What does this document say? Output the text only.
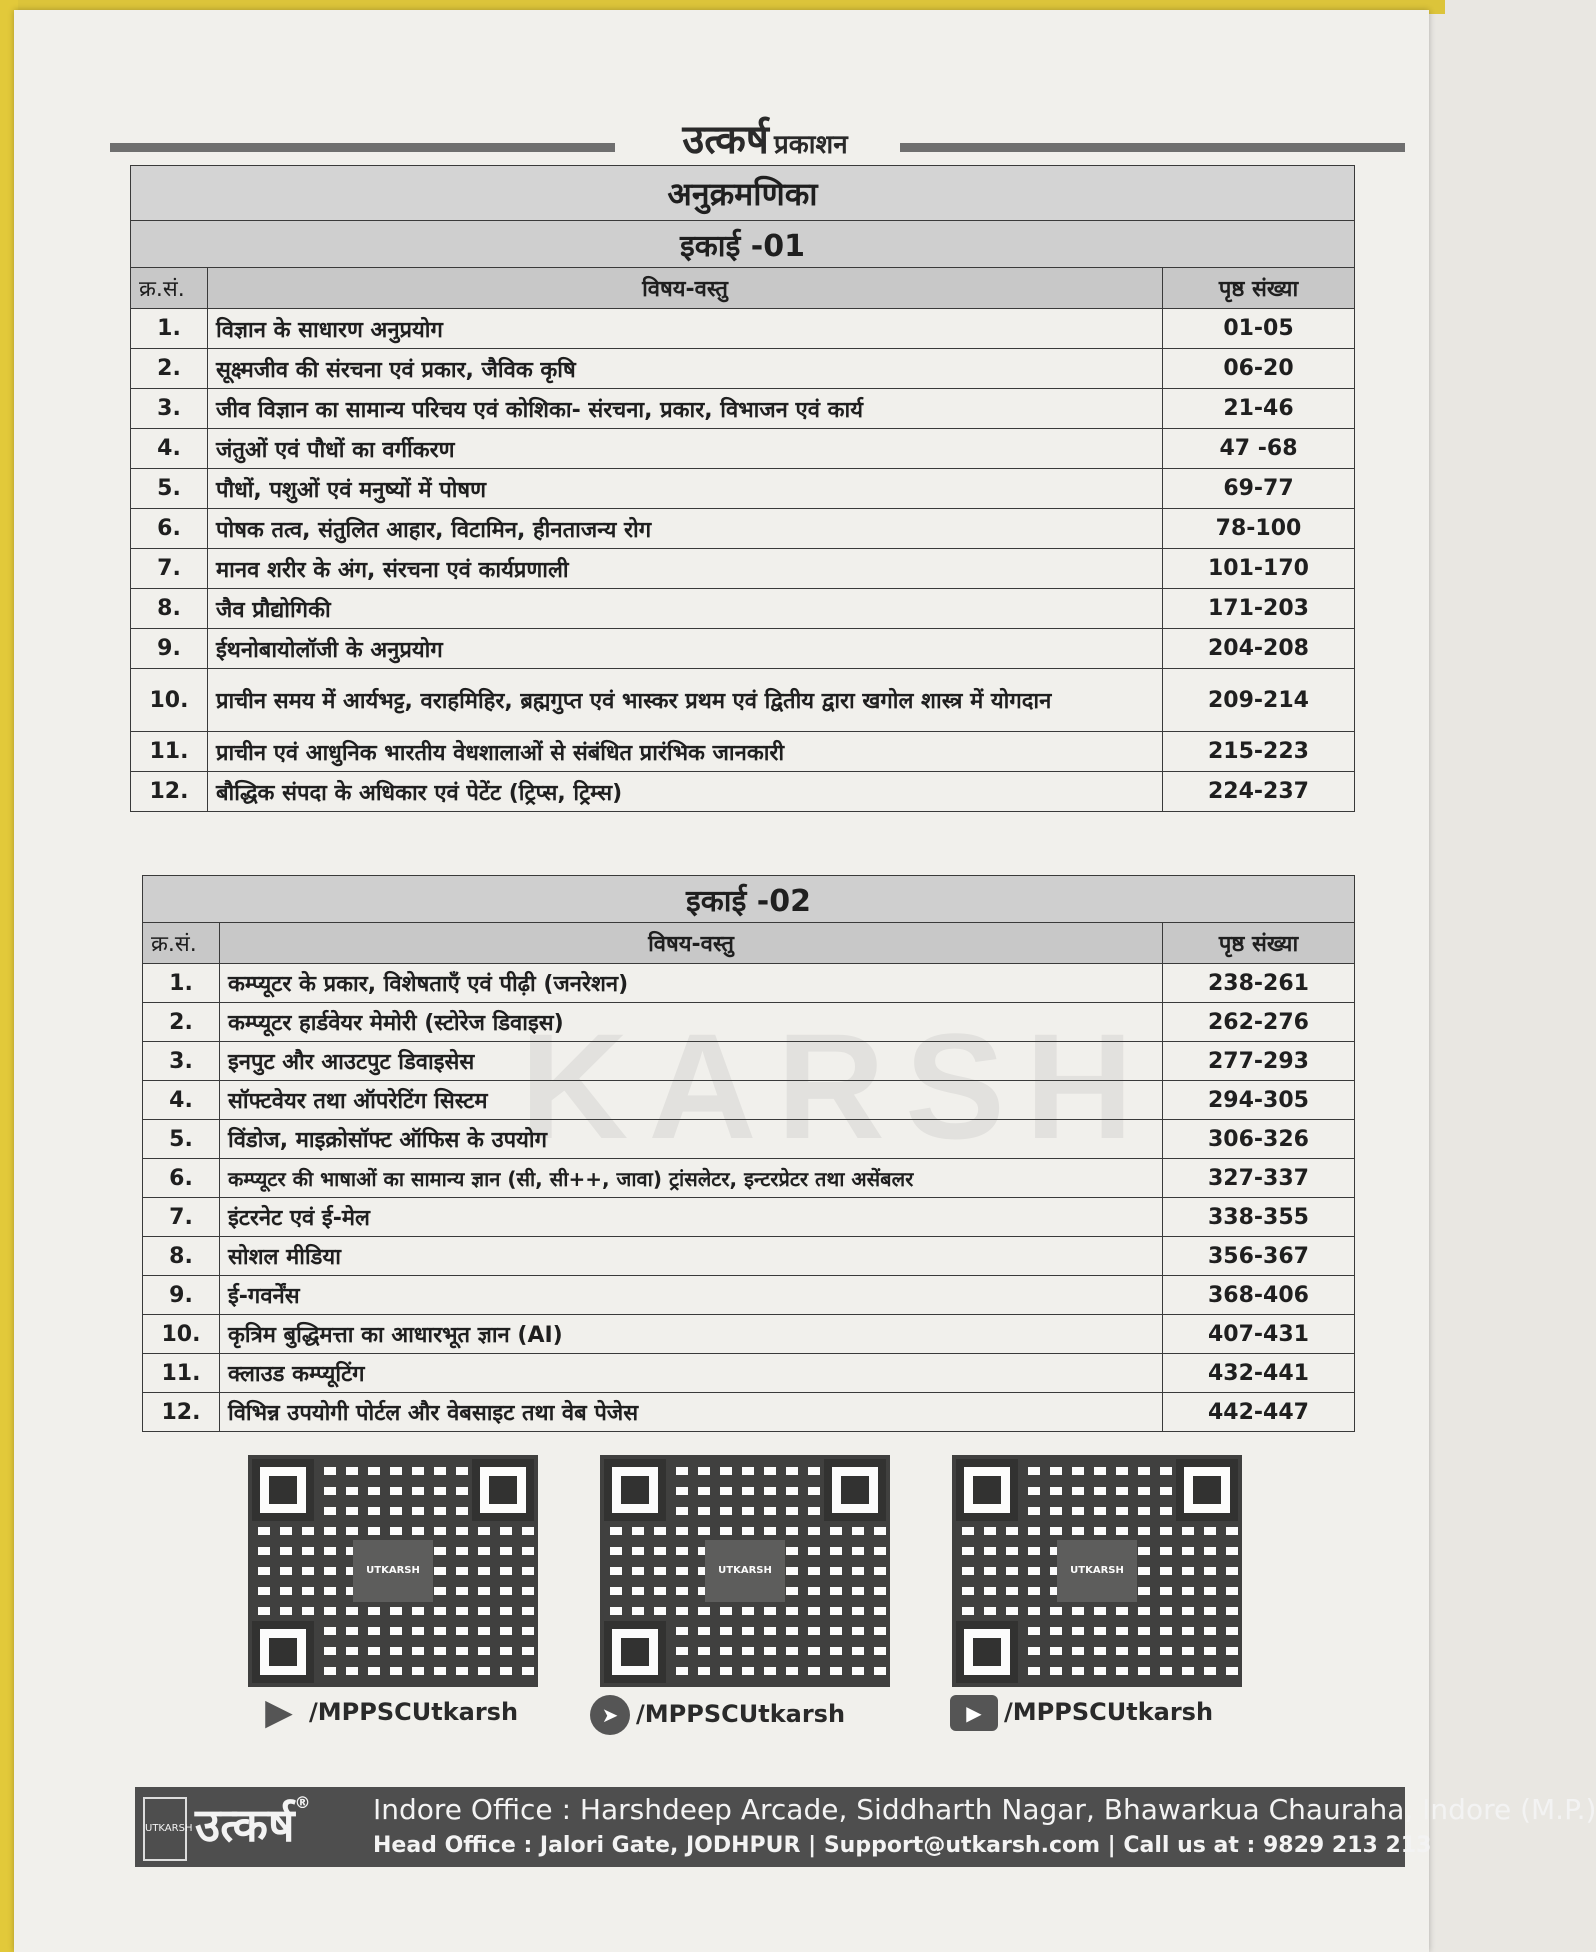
KARSH
उत्कर्ष प्रकाशन
अनुक्रमणिका		
इकाई -01		
क्र.सं.	विषय-वस्तु	पृष्ठ संख्या
1.	विज्ञान के साधारण अनुप्रयोग	01-05
2.	सूक्ष्मजीव की संरचना एवं प्रकार, जैविक कृषि	06-20
3.	जीव विज्ञान का सामान्य परिचय एवं कोशिका- संरचना, प्रकार, विभाजन एवं कार्य	21-46
4.	जंतुओं एवं पौधों का वर्गीकरण	47 -68
5.	पौधों, पशुओं एवं मनुष्यों में पोषण	69-77
6.	पोषक तत्व, संतुलित आहार, विटामिन, हीनताजन्य रोग	78-100
7.	मानव शरीर के अंग, संरचना एवं कार्यप्रणाली	101-170
8.	जैव प्रौद्योगिकी	171-203
9.	ईथनोबायोलॉजी के अनुप्रयोग	204-208
10.	प्राचीन समय में आर्यभट्ट, वराहमिहिर, ब्रह्मगुप्त एवं भास्कर प्रथम एवं द्वितीय द्वारा खगोल शास्त्र में योगदान	209-214
11.	प्राचीन एवं आधुनिक भारतीय वेधशालाओं से संबंधित प्रारंभिक जानकारी	215-223
12.	बौद्धिक संपदा के अधिकार एवं पेटेंट (ट्रिप्स, ट्रिम्स)	224-237
इकाई -02		
क्र.सं.	विषय-वस्तु	पृष्ठ संख्या
1.	कम्प्यूटर के प्रकार, विशेषताएँ एवं पीढ़ी (जनरेशन)	238-261
2.	कम्प्यूटर हार्डवेयर मेमोरी (स्टोरेज डिवाइस)	262-276
3.	इनपुट और आउटपुट डिवाइसेस	277-293
4.	सॉफ्टवेयर तथा ऑपरेटिंग सिस्टम	294-305
5.	विंडोज, माइक्रोसॉफ्ट ऑफिस के उपयोग	306-326
6.	कम्प्यूटर की भाषाओं का सामान्य ज्ञान (सी, सी++, जावा) ट्रांसलेटर, इन्टरप्रेटर तथा असेंबलर	327-337
7.	इंटरनेट एवं ई-मेल	338-355
8.	सोशल मीडिया	356-367
9.	ई-गवर्नेंस	368-406
10.	कृत्रिम बुद्धिमत्ता का आधारभूत ज्ञान (AI)	407-431
11.	क्लाउड कम्प्यूटिंग	432-441
12.	विभिन्न उपयोगी पोर्टल और वेबसाइट तथा वेब पेजेस	442-447
UTKARSH	UTKARSH	UTKARSH
▶ /MPPSCUtkarsh	➤ /MPPSCUtkarsh	▶ /MPPSCUtkarsh
UTKARSH उत्कर्ष® Indore Office : Harshdeep Arcade, Siddharth Nagar, Bhawarkua Chauraha, Indore (M.P.)
Head Office : Jalori Gate, JODHPUR | Support@utkarsh.com | Call us at : 9829 213 213
